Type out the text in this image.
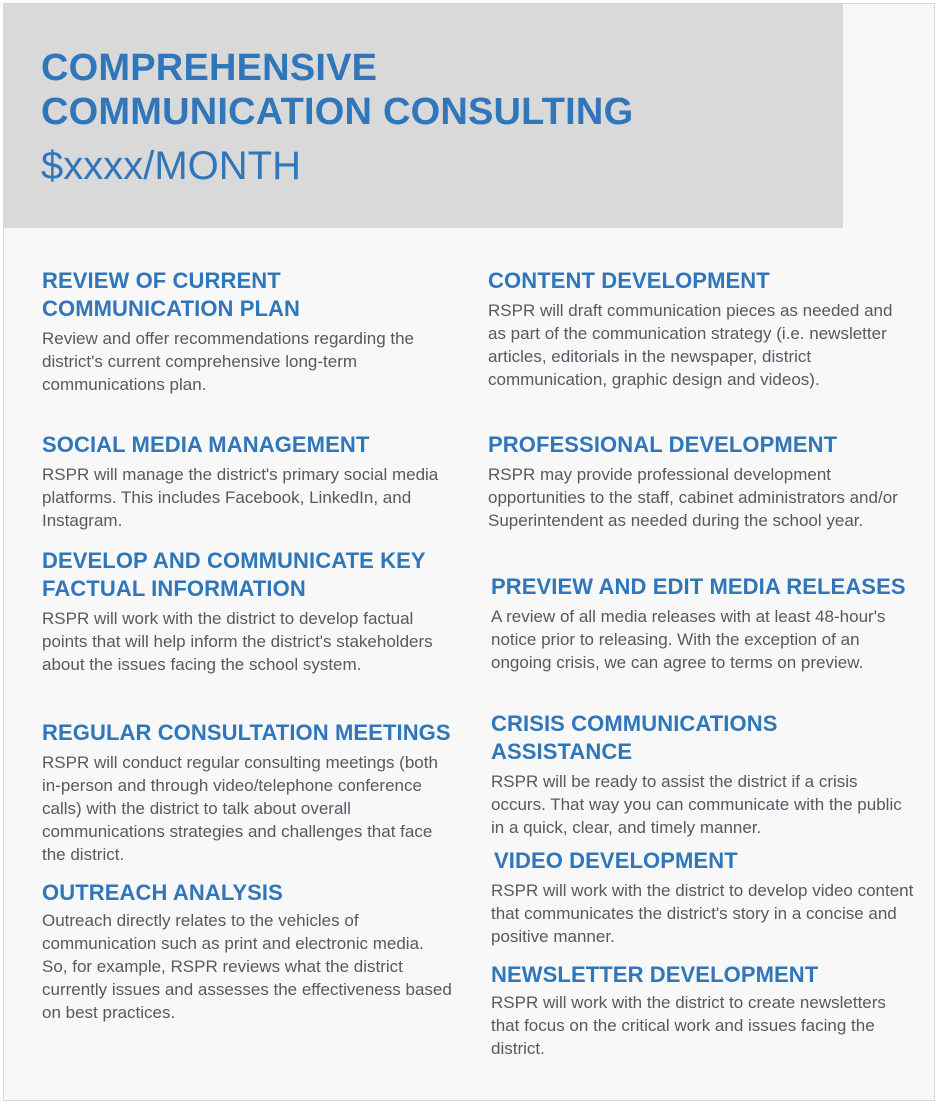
COMPREHENSIVE
COMMUNICATION CONSULTING
$xxxx/MONTH
REVIEW OF CURRENT COMMUNICATION PLAN

Review and offer recommendations regarding the district's current comprehensive long-term communications plan.

SOCIAL MEDIA MANAGEMENT

RSPR will manage the district's primary social media platforms. This includes Facebook, LinkedIn, and Instagram.

DEVELOP AND COMMUNICATE KEY FACTUAL INFORMATION

RSPR will work with the district to develop factual points that will help inform the district's stakeholders about the issues facing the school system.

REGULAR CONSULTATION MEETINGS

RSPR will conduct regular consulting meetings (both in-person and through video/telephone conference calls) with the district to talk about overall communications strategies and challenges that face the district.

OUTREACH ANALYSIS

Outreach directly relates to the vehicles of communication such as print and electronic media. So, for example, RSPR reviews what the district currently issues and assesses the effectiveness based on best practices.

CONTENT DEVELOPMENT

RSPR will draft communication pieces as needed and as part of the communication strategy (i.e. newsletter articles, editorials in the newspaper, district communication, graphic design and videos).

PROFESSIONAL DEVELOPMENT

RSPR may provide professional development opportunities to the staff, cabinet administrators and/or Superintendent as needed during the school year.

PREVIEW AND EDIT MEDIA RELEASES

A review of all media releases with at least 48-hour's notice prior to releasing. With the exception of an ongoing crisis, we can agree to terms on preview.

CRISIS COMMUNICATIONS ASSISTANCE

RSPR will be ready to assist the district if a crisis occurs. That way you can communicate with the public in a quick, clear, and timely manner.

VIDEO DEVELOPMENT

RSPR will work with the district to develop video content that communicates the district's story in a concise and positive manner.

NEWSLETTER DEVELOPMENT

RSPR will work with the district to create newsletters that focus on the critical work and issues facing the district.
